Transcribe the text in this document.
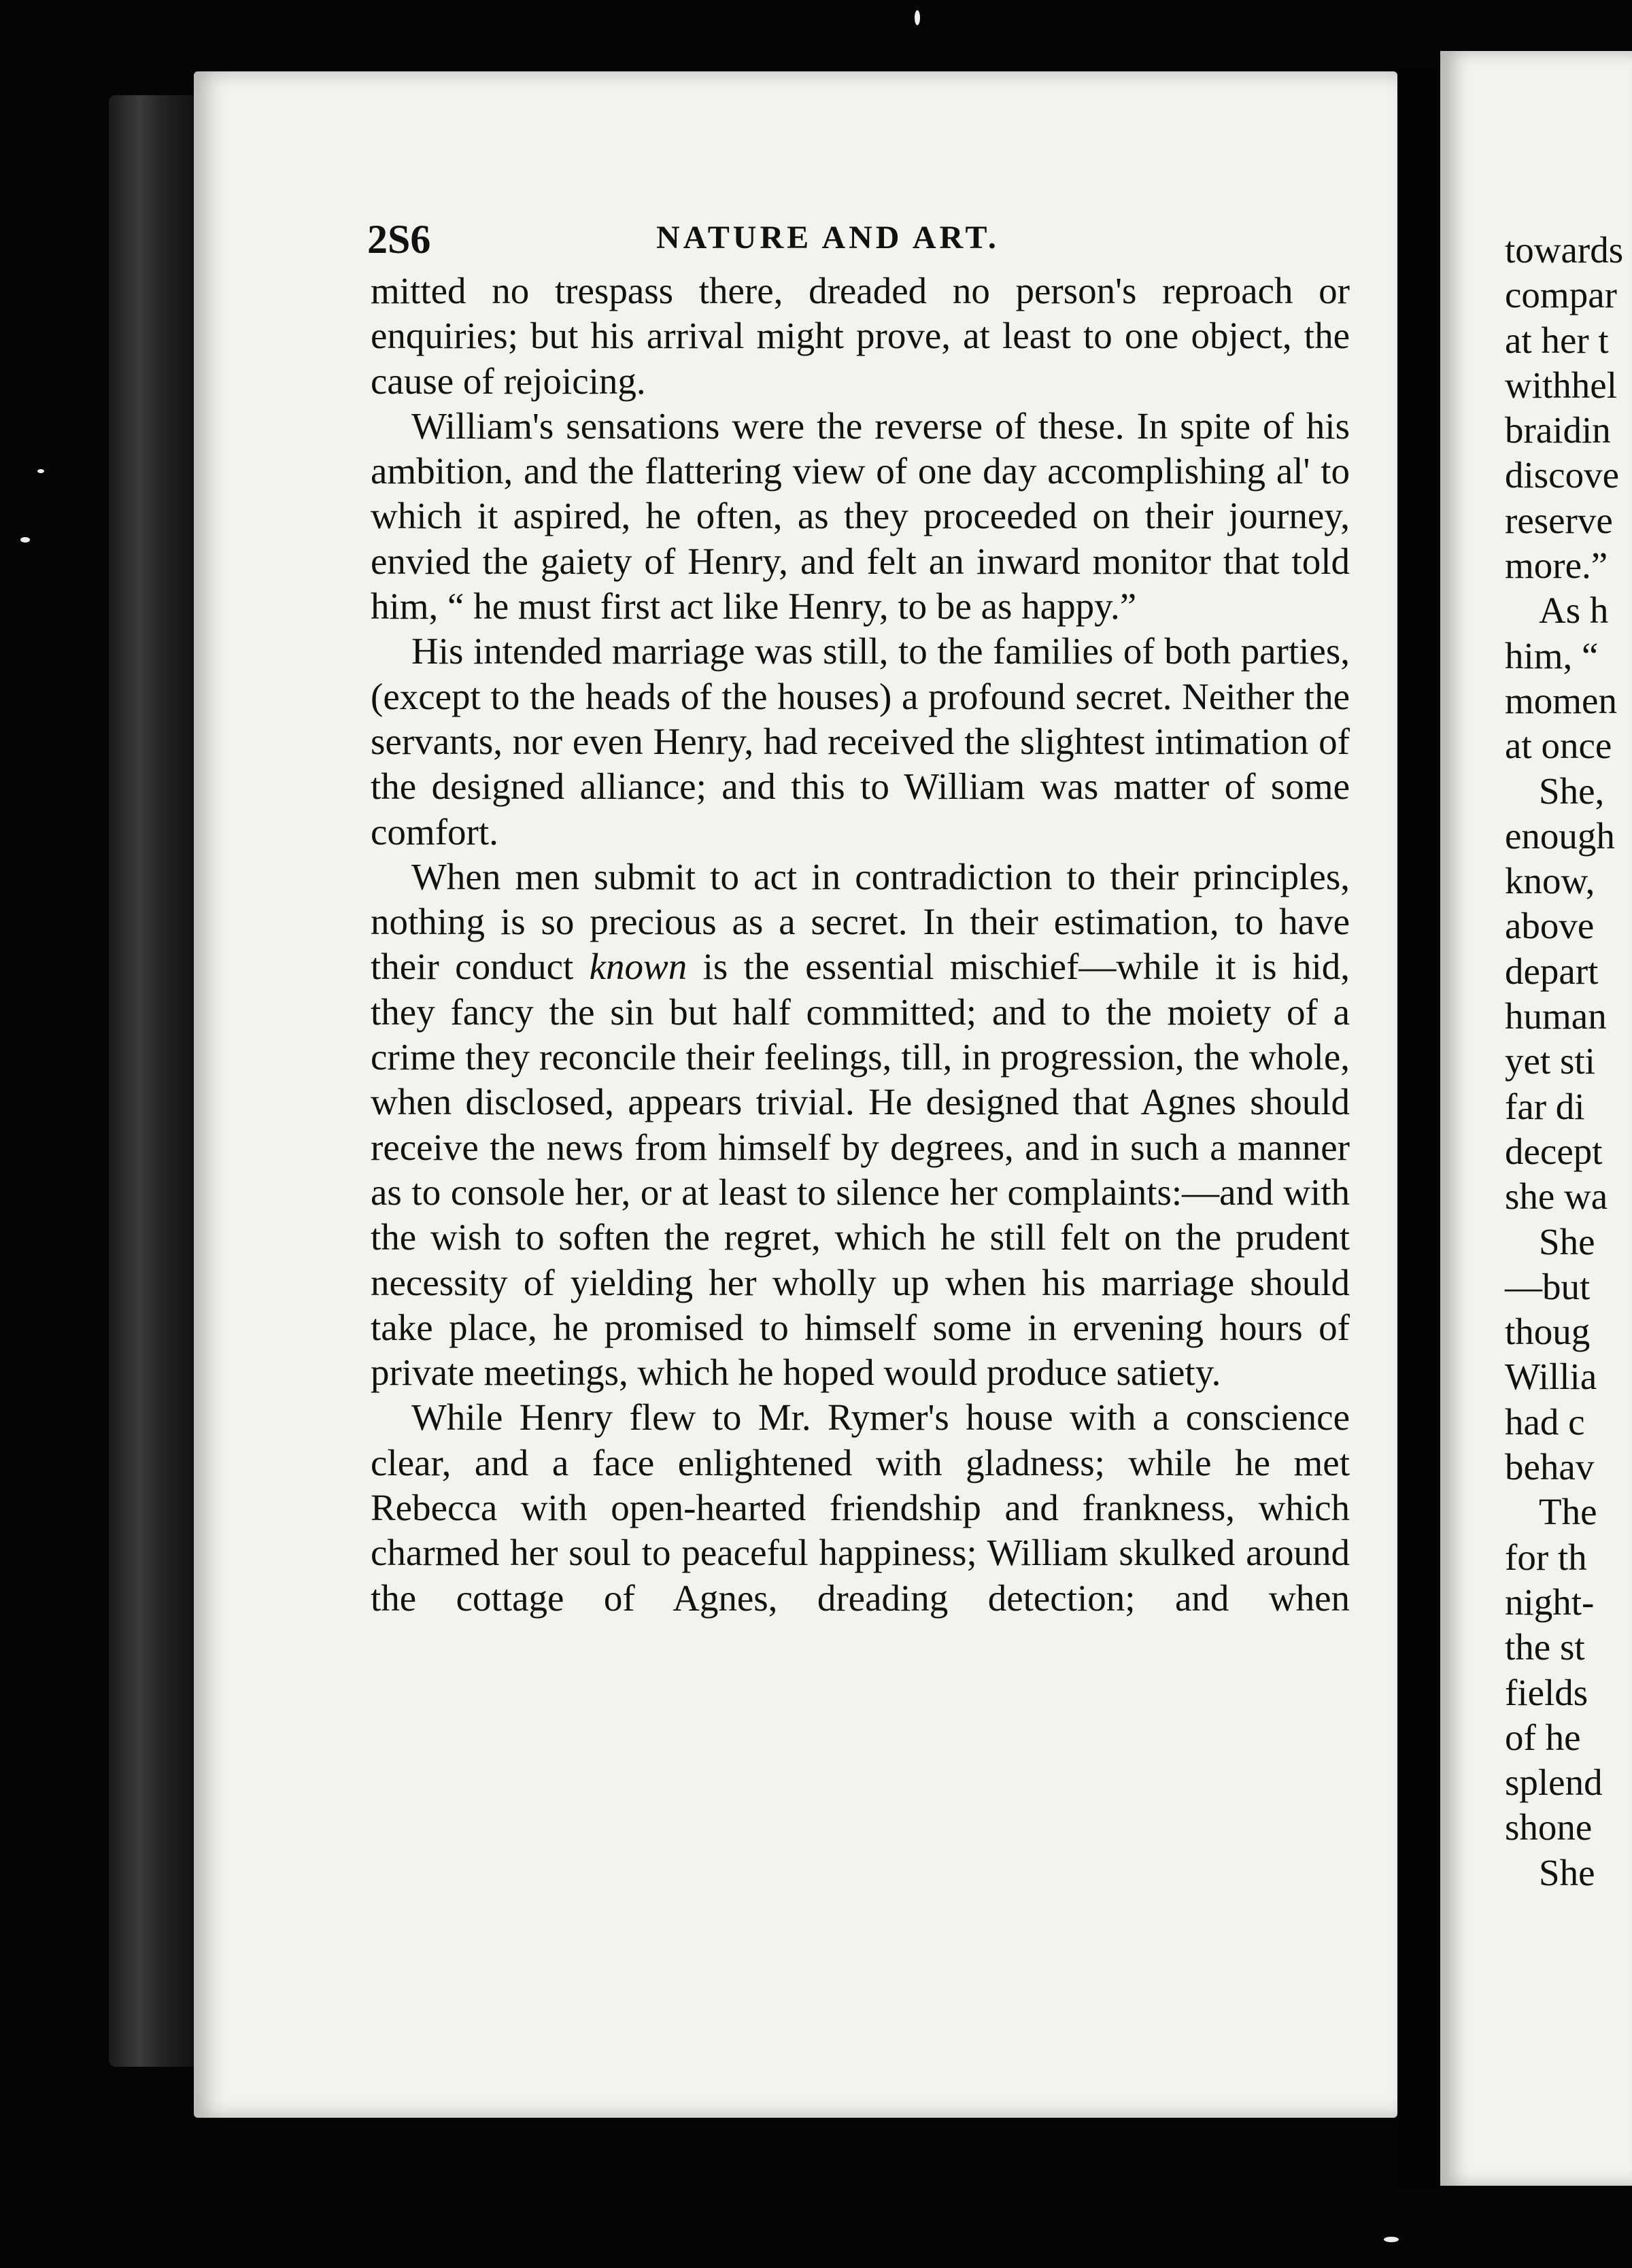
towards
compar
at her t
withhel
braidin
discove
reserve
more.”
As h
him, “
momen
at once
She,
enough
know,
above
depart
human
yet sti
far di
decept
she wa
She
—but
thoug
Willia
had c
behav
The
for th
night-
the st
fields
of he
splend
shone
She
2S6	NATURE AND ART.

mitted no trespass there, dreaded no person's reproach or enquiries; but his arrival might prove, at least to one object, the cause of rejoicing.

William's sensations were the reverse of these. In spite of his ambition, and the flattering view of one day accomplishing al' to which it aspired, he often, as they proceeded on their journey, envied the gaiety of Henry, and felt an inward monitor that told him, “ he must first act like Henry, to be as happy.”

His intended marriage was still, to the families of both parties, (except to the heads of the houses) a profound secret. Neither the servants, nor even Henry, had received the slightest intimation of the designed alliance; and this to William was matter of some comfort.

When men submit to act in contradiction to their principles, nothing is so precious as a secret. In their estimation, to have their conduct known is the essential mischief—while it is hid, they fancy the sin but half committed; and to the moiety of a crime they reconcile their feelings, till, in progression, the whole, when disclosed, appears trivial. He designed that Agnes should receive the news from himself by degrees, and in such a manner as to console her, or at least to silence her complaints:—and with the wish to soften the regret, which he still felt on the prudent necessity of yielding her wholly up when his marriage should take place, he promised to himself some in ervening hours of private meetings, which he hoped would produce satiety.

While Henry flew to Mr. Rymer's house with a conscience clear, and a face enlightened with gladness; while he met Rebecca with open-hearted friendship and frankness, which charmed her soul to peaceful happiness; William skulked around the cottage of Agnes, dreading detection; and when
